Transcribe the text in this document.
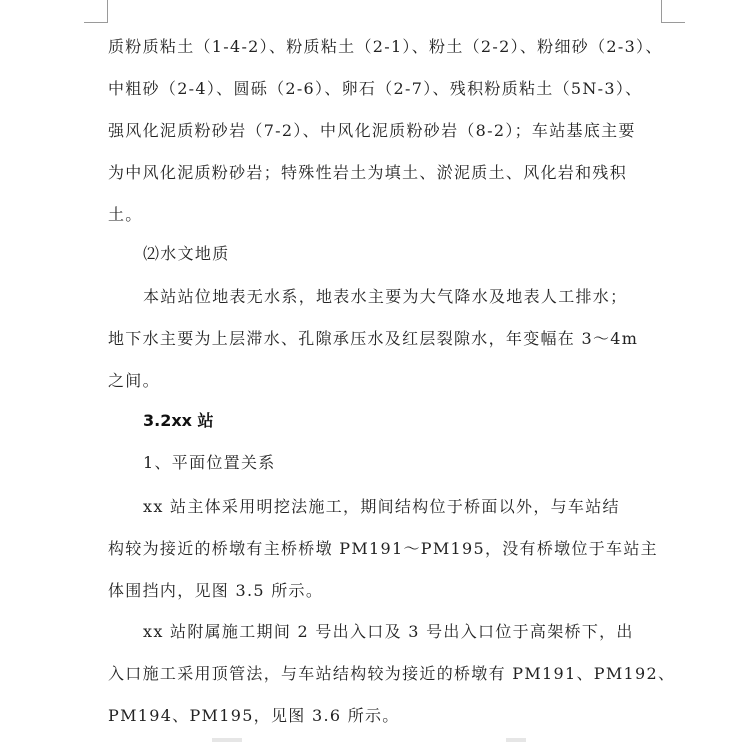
质粉质粘土（1-4-2）、粉质粘土（2-1）、粉土（2-2）、粉细砂（2-3）、
中粗砂（2-4）、圆砾（2-6）、卵石（2-7）、残积粉质粘土（5N-3）、
强风化泥质粉砂岩（7-2）、中风化泥质粉砂岩（8-2）；车站基底主要
为中风化泥质粉砂岩；特殊性岩土为填土、淤泥质土、风化岩和残积
土。
⑵水文地质
本站站位地表无水系，地表水主要为大气降水及地表人工排水；
地下水主要为上层滞水、孔隙承压水及红层裂隙水，年变幅在 3～4m
之间。
3.2xx 站
1、平面位置关系
xx 站主体采用明挖法施工，期间结构位于桥面以外，与车站结
构较为接近的桥墩有主桥桥墩 PM191～PM195，没有桥墩位于车站主
体围挡内，见图 3.5 所示。
xx 站附属施工期间 2 号出入口及 3 号出入口位于高架桥下，出
入口施工采用顶管法，与车站结构较为接近的桥墩有 PM191、PM192、
PM194、PM195，见图 3.6 所示。
